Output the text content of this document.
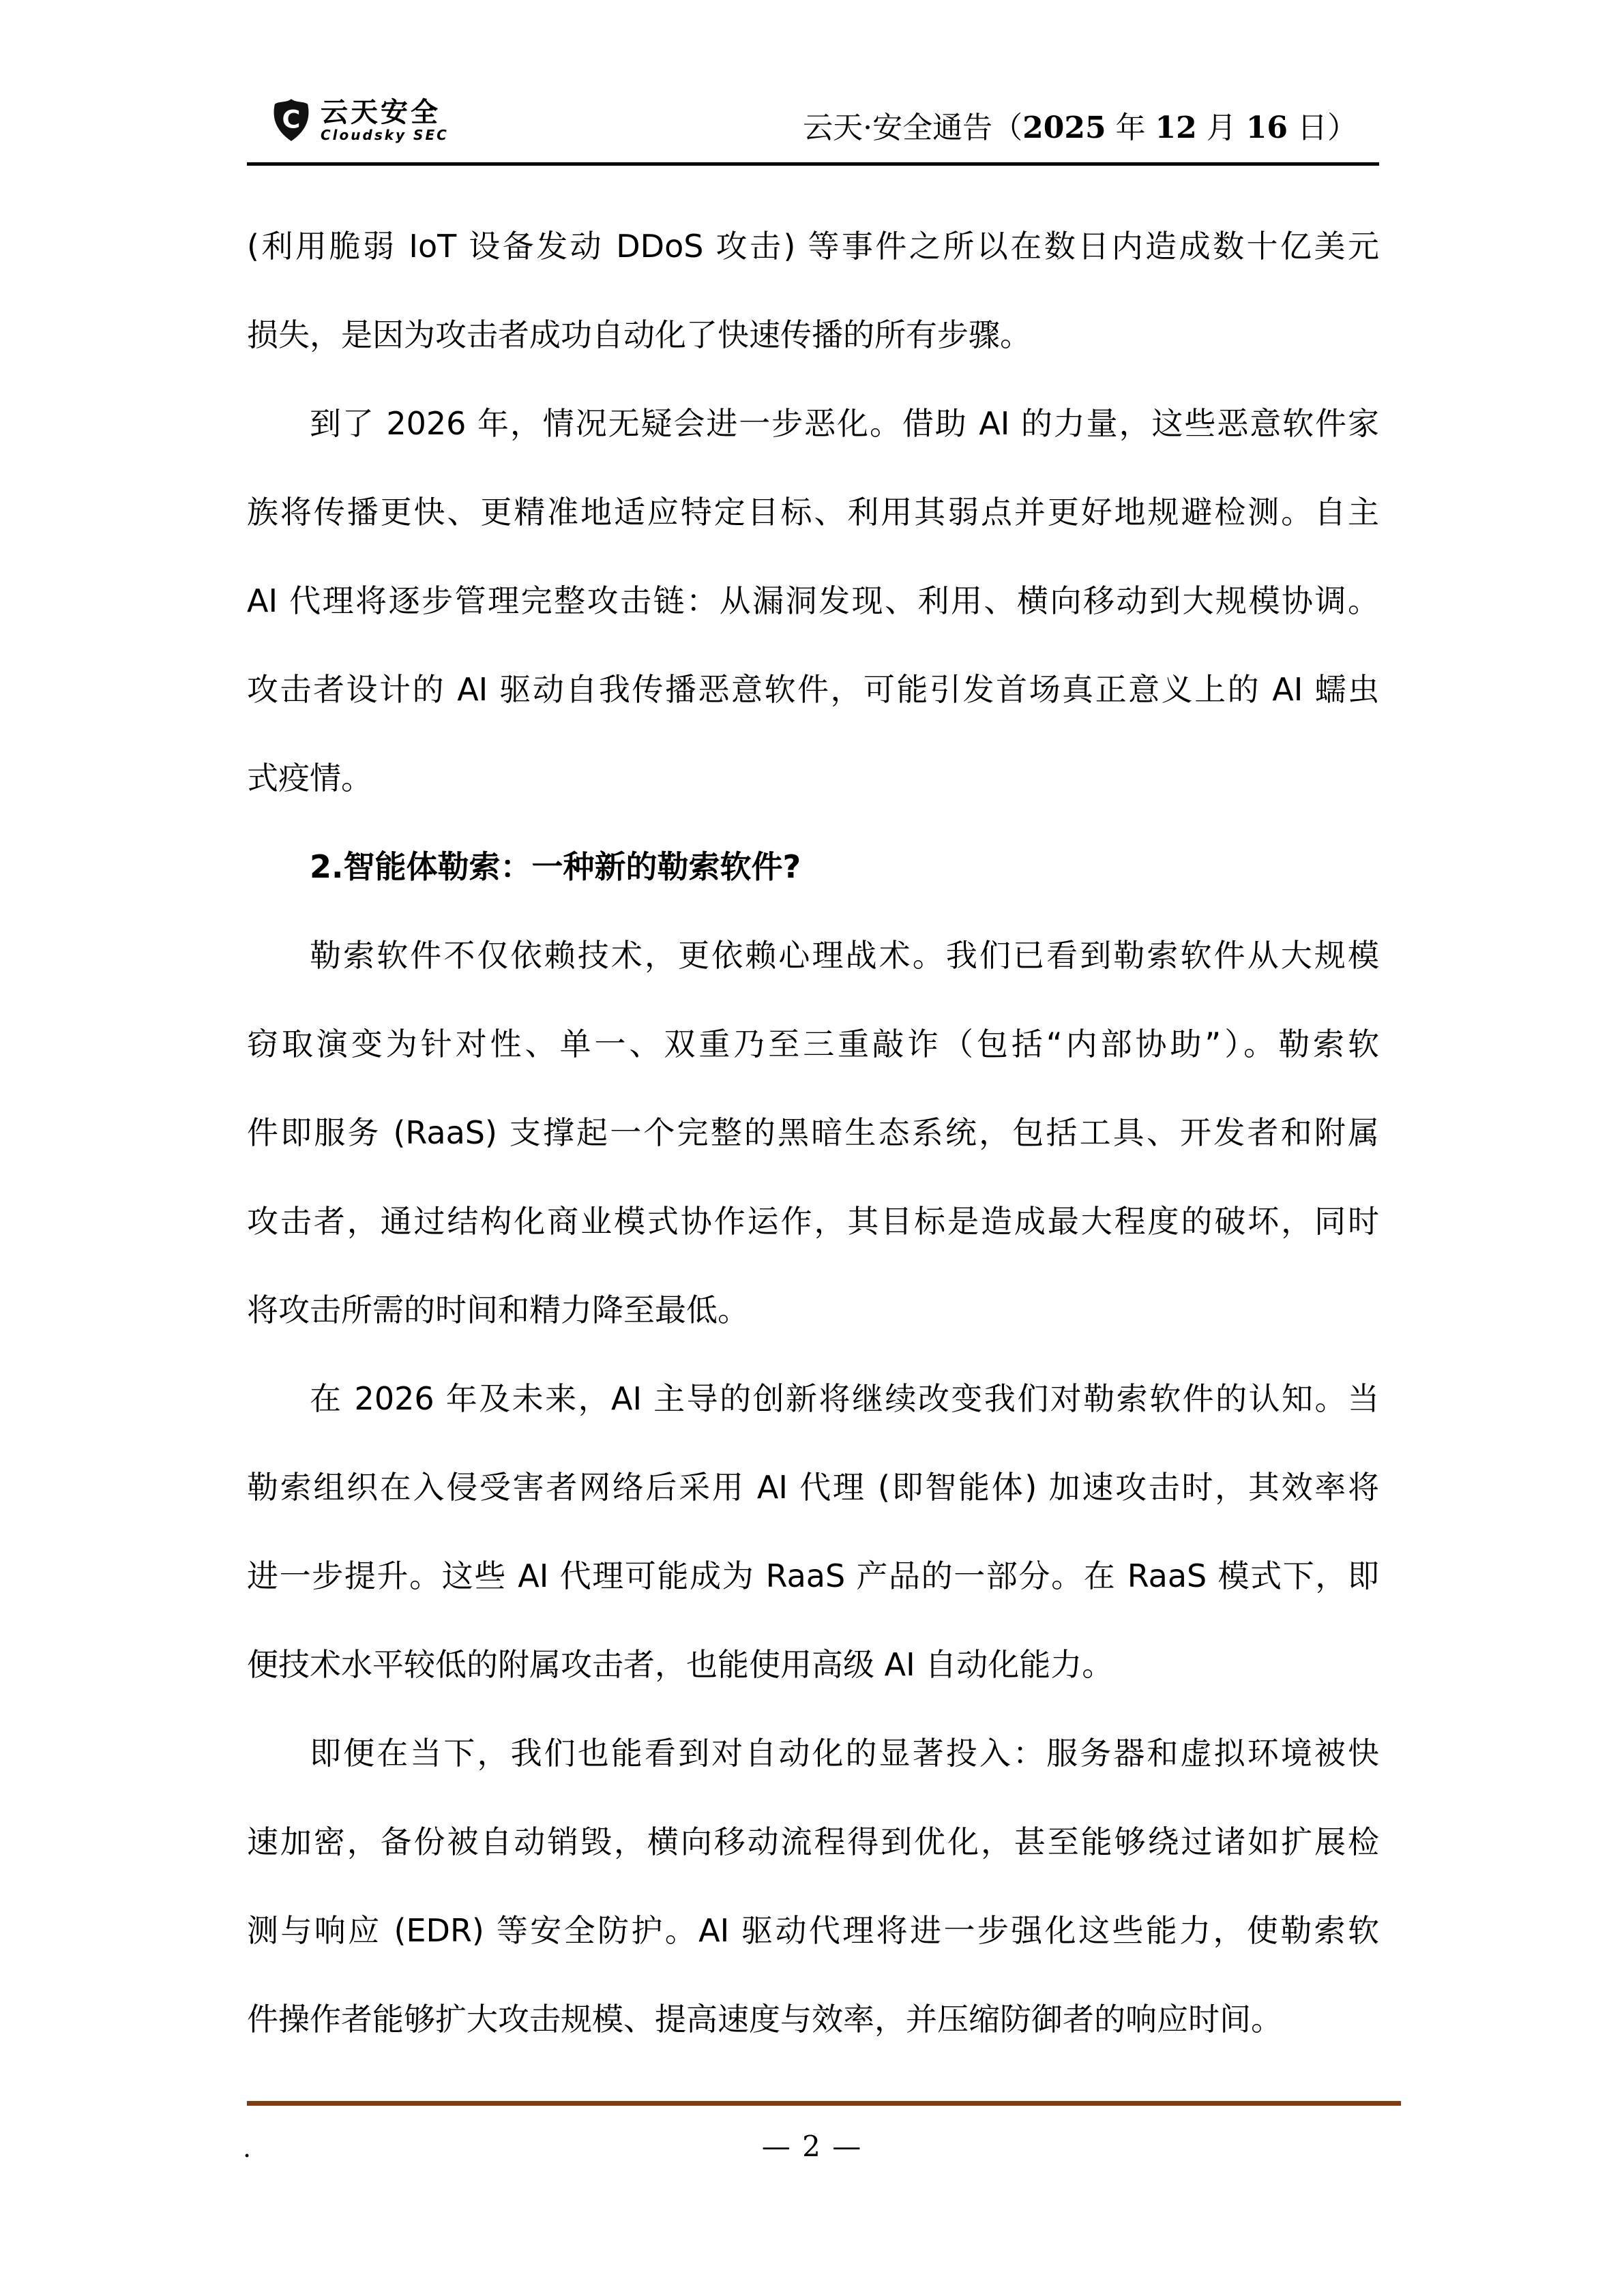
C 云天安全
Cloudsky SEC	云天·安全通告（2025 年 12 月 16 日）
(利用脆弱 IoT 设备发动 DDoS 攻击) 等事件之所以在数日内造成数十亿美元
损失，是因为攻击者成功自动化了快速传播的所有步骤。
到了 2026 年，情况无疑会进一步恶化。借助 AI 的力量，这些恶意软件家
族将传播更快、更精准地适应特定目标、利用其弱点并更好地规避检测。自主
AI 代理将逐步管理完整攻击链：从漏洞发现、利用、横向移动到大规模协调。
攻击者设计的 AI 驱动自我传播恶意软件，可能引发首场真正意义上的 AI 蠕虫
式疫情。
2.智能体勒索：一种新的勒索软件?
勒索软件不仅依赖技术，更依赖心理战术。我们已看到勒索软件从大规模
窃取演变为针对性、单一、双重乃至三重敲诈（包括“内部协助”）。勒索软
件即服务 (RaaS) 支撑起一个完整的黑暗生态系统，包括工具、开发者和附属
攻击者，通过结构化商业模式协作运作，其目标是造成最大程度的破坏，同时
将攻击所需的时间和精力降至最低。
在 2026 年及未来，AI 主导的创新将继续改变我们对勒索软件的认知。当
勒索组织在入侵受害者网络后采用 AI 代理 (即智能体) 加速攻击时，其效率将
进一步提升。这些 AI 代理可能成为 RaaS 产品的一部分。在 RaaS 模式下，即
便技术水平较低的附属攻击者，也能使用高级 AI 自动化能力。
即便在当下，我们也能看到对自动化的显著投入：服务器和虚拟环境被快
速加密，备份被自动销毁，横向移动流程得到优化，甚至能够绕过诸如扩展检
测与响应 (EDR) 等安全防护。AI 驱动代理将进一步强化这些能力，使勒索软
件操作者能够扩大攻击规模、提高速度与效率，并压缩防御者的响应时间。
.	— 2 —
